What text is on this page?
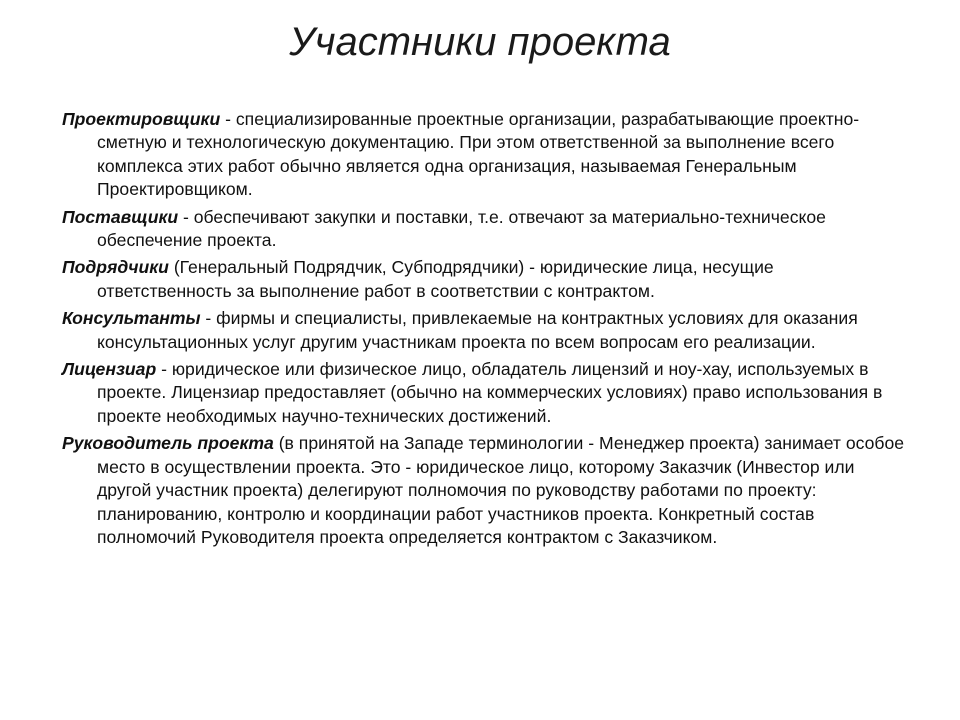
Участники проекта

Проектировщики - специализированные проектные организации, разрабатывающие проектно-сметную и технологическую документацию. При этом ответственной за выполнение всего комплекса этих работ обычно является одна организация, называемая Генеральным Проектировщиком.

Поставщики - обеспечивают закупки и поставки, т.е. отвечают за материально-техническое обеспечение проекта.

Подрядчики (Генеральный Подрядчик, Субподрядчики) - юридические лица, несущие ответственность за выполнение работ в соответствии с контрактом.

Консультанты - фирмы и специалисты, привлекаемые на контрактных условиях для оказания консультационных услуг другим участникам проекта по всем вопросам его реализации.

Лицензиар - юридическое или физическое лицо, обладатель лицензий и ноу-хау, используемых в проекте. Лицензиар предоставляет (обычно на коммерческих условиях) право использования в проекте необходимых научно-технических достижений.

Руководитель проекта (в принятой на Западе терминологии - Менеджер проекта) занимает особое место в осуществлении проекта. Это - юридическое лицо, которому Заказчик (Инвестор или другой участник проекта) делегируют полномочия по руководству работами по проекту: планированию, контролю и координации работ участников проекта. Конкретный состав полномочий Руководителя проекта определяется контрактом с Заказчиком.
